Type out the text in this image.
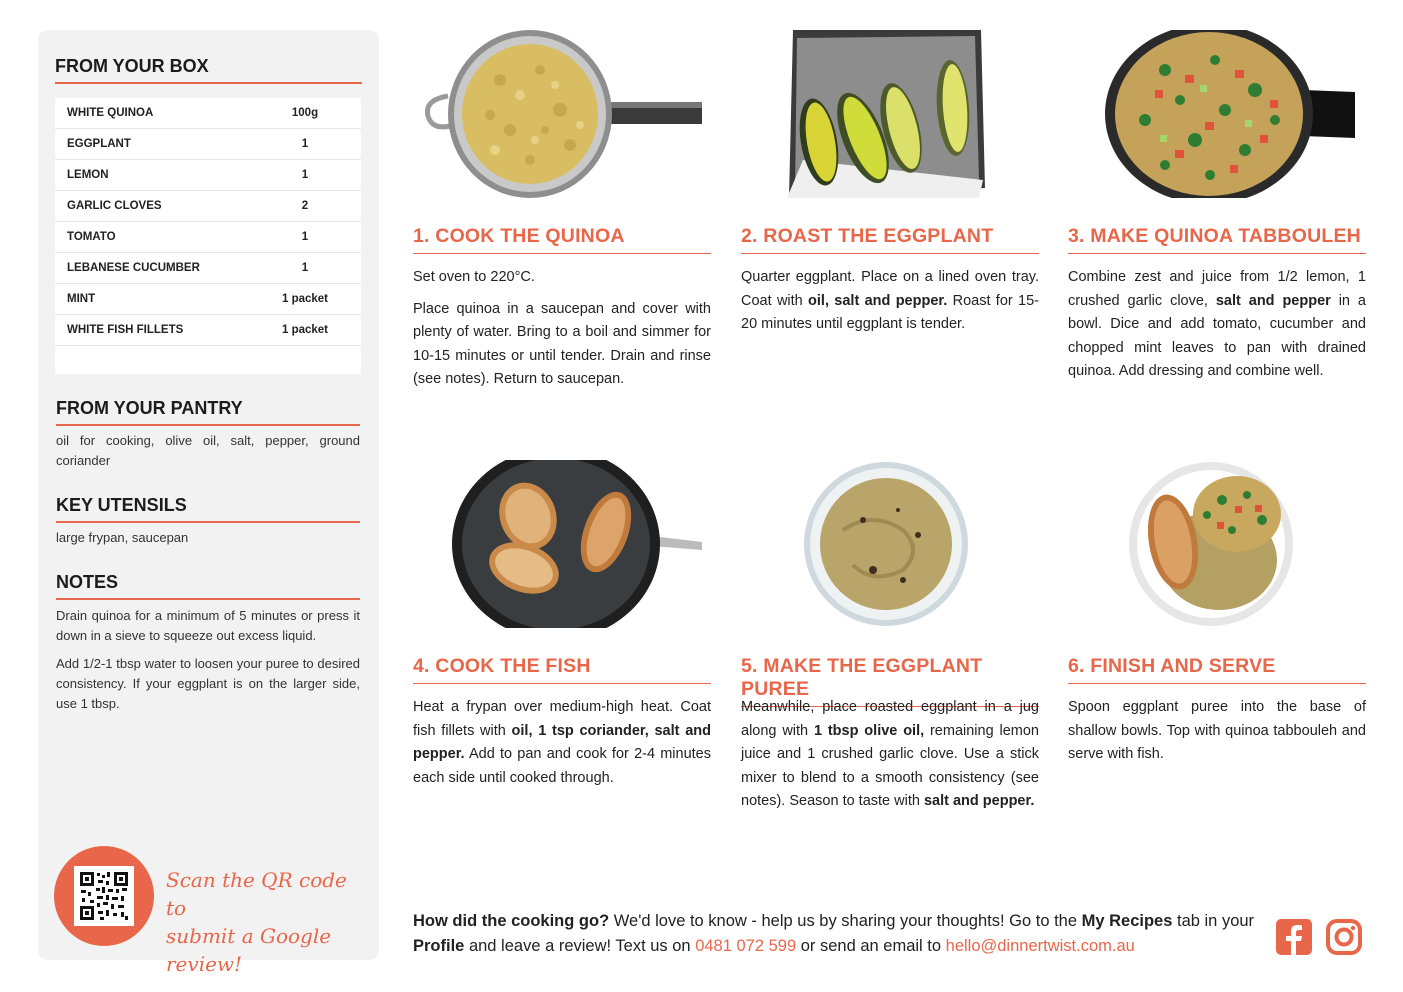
FROM YOUR BOX
WHITE QUINOA	100g
EGGPLANT	1
LEMON	1
GARLIC CLOVES	2
TOMATO	1
LEBANESE CUCUMBER	1
MINT	1 packet
WHITE FISH FILLETS	1 packet
FROM YOUR PANTRY
oil for cooking, olive oil, salt, pepper, ground coriander
KEY UTENSILS
large frypan, saucepan
NOTES
Drain quinoa for a minimum of 5 minutes or press it down in a sieve to squeeze out excess liquid.
Add 1/2-1 tbsp water to loosen your puree to desired consistency. If your eggplant is on the larger side, use 1 tbsp.
Scan the QR code to
submit a Google review!
1. COOK THE QUINOA

Set oven to 220°C.

Place quinoa in a saucepan and cover with plenty of water. Bring to a boil and simmer for 10-15 minutes or until tender. Drain and rinse (see notes). Return to saucepan.

2. ROAST THE EGGPLANT
Quarter eggplant. Place on a lined oven tray. Coat with oil, salt and pepper. Roast for 15-20 minutes until eggplant is tender.
3. MAKE QUINOA TABBOULEH
Combine zest and juice from 1/2 lemon, 1 crushed garlic clove, salt and pepper in a bowl. Dice and add tomato, cucumber and chopped mint leaves to pan with drained quinoa. Add dressing and combine well.
4. COOK THE FISH
Heat a frypan over medium-high heat. Coat fish fillets with oil, 1 tsp coriander, salt and pepper. Add to pan and cook for 2-4 minutes each side until cooked through.
5. MAKE THE EGGPLANT PUREE
Meanwhile, place roasted eggplant in a jug along with 1 tbsp olive oil, remaining lemon juice and 1 crushed garlic clove. Use a stick mixer to blend to a smooth consistency (see notes). Season to taste with salt and pepper.
6. FINISH AND SERVE
Spoon eggplant puree into the base of shallow bowls. Top with quinoa tabbouleh and serve with fish.
How did the cooking go? We'd love to know - help us by sharing your thoughts! Go to the My Recipes tab in your Profile and leave a review! Text us on 0481 072 599 or send an email to hello@dinnertwist.com.au
